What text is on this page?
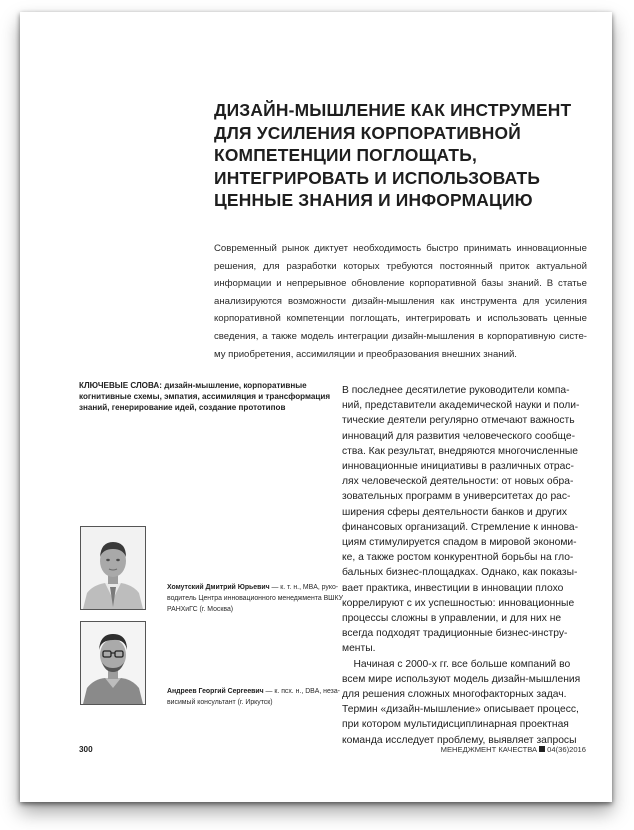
ДИЗАЙН-МЫШЛЕНИЕ КАК ИНСТРУМЕНТ
ДЛЯ УСИЛЕНИЯ КОРПОРАТИВНОЙ
КОМПЕТЕНЦИИ ПОГЛОЩАТЬ,
ИНТЕГРИРОВАТЬ И ИСПОЛЬЗОВАТЬ
ЦЕННЫЕ ЗНАНИЯ И ИНФОРМАЦИЮ
Современный рынок диктует необходимость быстро принимать инновационные
решения, для разработки которых требуются постоянный приток актуальной
информации и непрерывное обновление корпоративной базы знаний. В статье
анализируются возможности дизайн-мышления как инструмента для усиления
корпоративной компетенции поглощать, интегрировать и использовать ценные
сведения, а также модель интеграции дизайн-мышления в корпоративную систе-
му приобретения, ассимиляции и преобразования внешних знаний.
КЛЮЧЕВЫЕ СЛОВА: дизайн-мышление, корпоративные
когнитивные схемы, эмпатия, ассимиляция и трансформация
знаний, генерирование идей, создание прототипов
В последнее десятилетие руководители компа-
ний, представители академической науки и поли-
тические деятели регулярно отмечают важность
инноваций для развития человеческого сообще-
ства. Как результат, внедряются многочисленные
инновационные инициативы в различных отрас-
лях человеческой деятельности: от новых обра-
зовательных программ в университетах до рас-
ширения сферы деятельности банков и других
финансовых организаций. Стремление к иннова-
циям стимулируется спадом в мировой экономи-
ке, а также ростом конкурентной борьбы на гло-
бальных бизнес-площадках. Однако, как показы-
вает практика, инвестиции в инновации плохо
коррелируют с их успешностью: инновационные
процессы сложны в управлении, и для них не
всегда подходят традиционные бизнес-инстру-
менты.
Начиная с 2000-х гг. все больше компаний во
всем мире используют модель дизайн-мышления
для решения сложных многофакторных задач.
Термин «дизайн-мышление» описывает процесс,
при котором мультидисциплинарная проектная
команда исследует проблему, выявляет запросы
Хомутский Дмитрий Юрьевич — к. т. н., MBA, руко-
водитель Центра инновационного менеджмента ВШКУ
РАНХиГС (г. Москва)
Андреев Георгий Сергеевич — к. псх. н., DBA, неза-
висимый консультант (г. Иркутск)
300	МЕНЕДЖМЕНТ КАЧЕСТВА 04(36)2016
